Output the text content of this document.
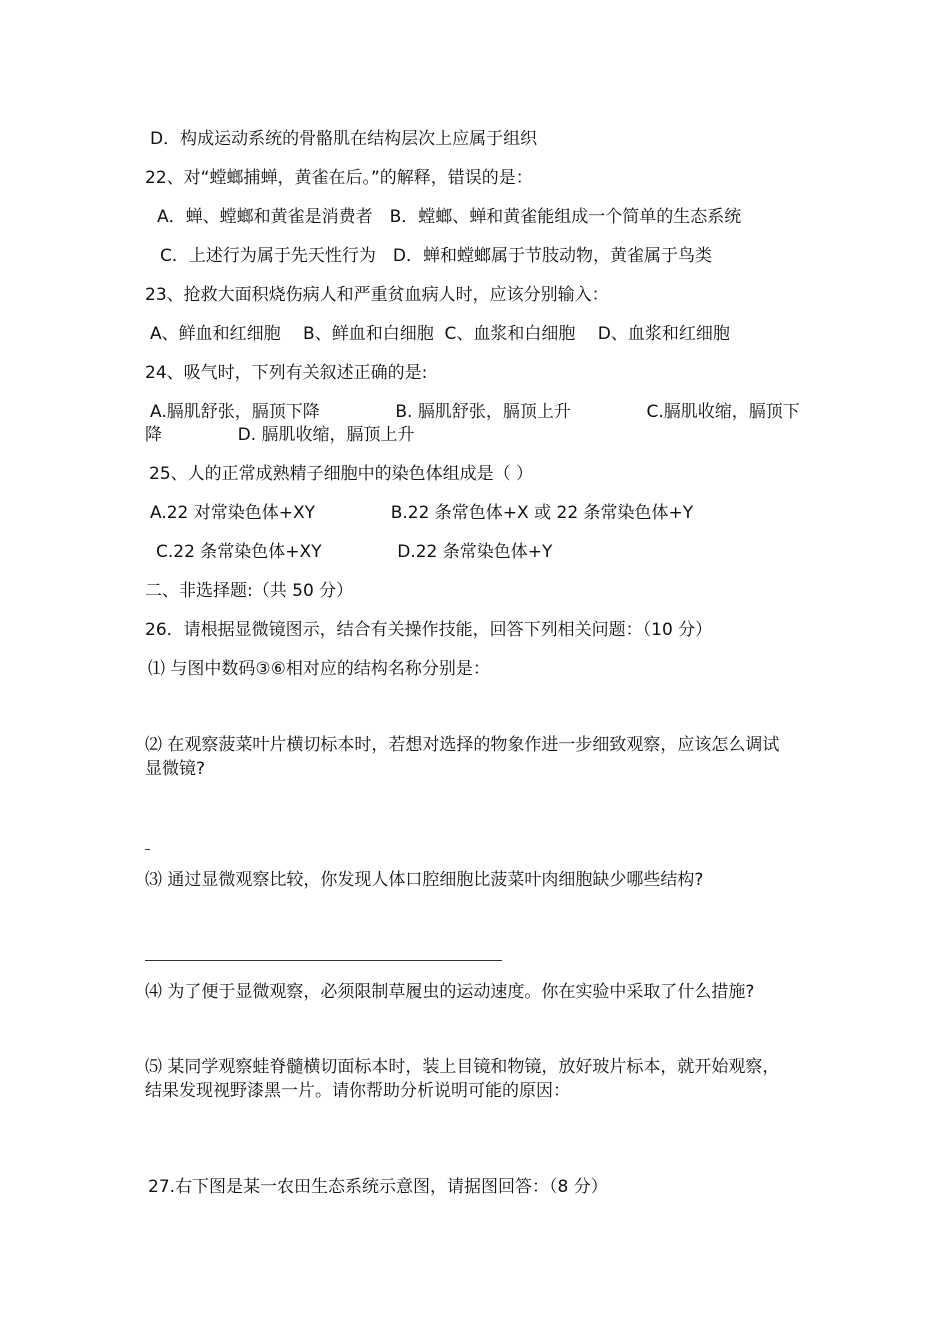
D．构成运动系统的骨骼肌在结构层次上应属于组织
22、对“螳螂捕蝉，黄雀在后。”的解释，错误的是：
A．蝉、螳螂和黄雀是消费者　B．螳螂、蝉和黄雀能组成一个简单的生态系统
C．上述行为属于先天性行为　D．蝉和螳螂属于节肢动物，黄雀属于鸟类
23、抢救大面积烧伤病人和严重贫血病人时，应该分别输入：
A、鲜血和红细胞　 B、鲜血和白细胞  C、血浆和白细胞　 D、血浆和红细胞
24、吸气时，下列有关叙述正确的是:
A.膈肌舒张，膈顶下降              B. 膈肌舒张，膈顶上升              C.膈肌收缩，膈顶下
降              D. 膈肌收缩，膈顶上升
25、人的正常成熟精子细胞中的染色体组成是（ ）
A.22 对常染色体+XY              B.22 条常色体+X 或 22 条常染色体+Y
C.22 条常染色体+XY              D.22 条常染色体+Y
二、非选择题:（共 50 分）
26．请根据显微镜图示，结合有关操作技能，回答下列相关问题：（10 分）
⑴ 与图中数码③⑥相对应的结构名称分别是：
⑵ 在观察菠菜叶片横切标本时，若想对选择的物象作进一步细致观察，应该怎么调试
显微镜?
⑶ 通过显微观察比较，你发现人体口腔细胞比菠菜叶肉细胞缺少哪些结构?
⑷ 为了便于显微观察，必须限制草履虫的运动速度。你在实验中采取了什么措施?
⑸ 某同学观察蛙脊髓横切面标本时，装上目镜和物镜，放好玻片标本，就开始观察，
结果发现视野漆黑一片。请你帮助分析说明可能的原因：
27.右下图是某一农田生态系统示意图，请据图回答：（8 分）
